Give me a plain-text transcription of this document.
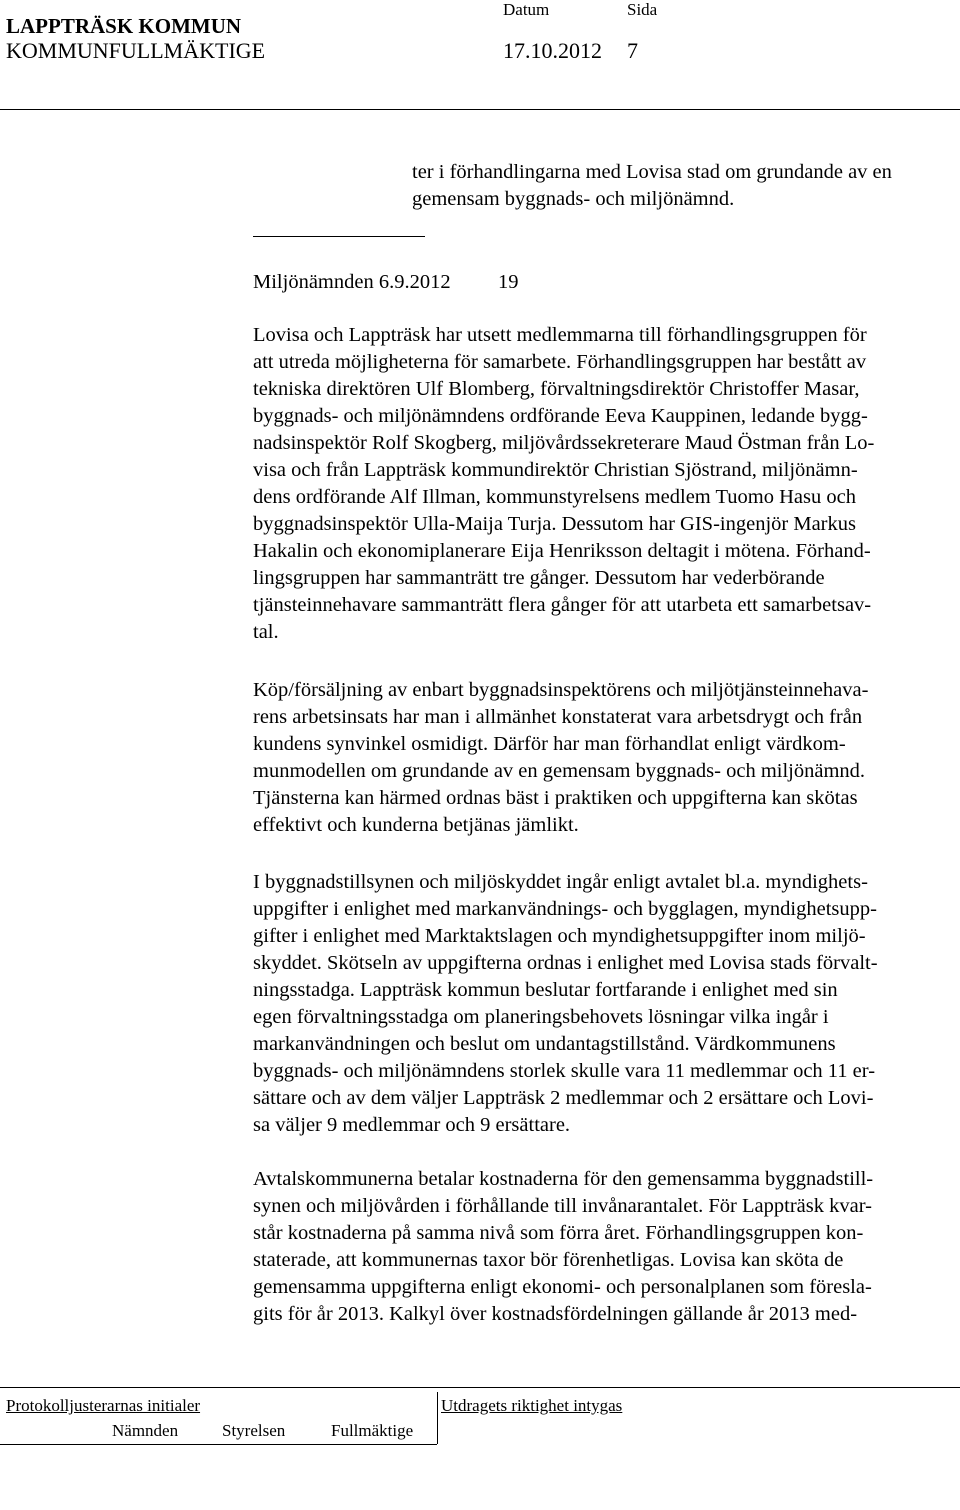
LAPPTRÄSK KOMMUN
KOMMUNFULLMÄKTIGE
Datum	Sida
17.10.2012 7
ter i förhandlingarna med Lovisa stad om grundande av en
gemensam byggnads- och miljönämnd.
Miljönämnden 6.9.2012 19
Lovisa och Lappträsk har utsett medlemmarna till förhandlingsgruppen för
att utreda möjligheterna för samarbete. Förhandlingsgruppen har bestått av
tekniska direktören Ulf Blomberg, förvaltningsdirektör Christoffer Masar,
byggnads- och miljönämndens ordförande Eeva Kauppinen, ledande bygg-
nadsinspektör Rolf Skogberg, miljövårdssekreterare Maud Östman från Lo-
visa och från Lappträsk kommundirektör Christian Sjöstrand, miljönämn-
dens ordförande Alf Illman, kommunstyrelsens medlem Tuomo Hasu och
byggnadsinspektör Ulla-Maija Turja. Dessutom har GIS-ingenjör Markus
Hakalin och ekonomiplanerare Eija Henriksson deltagit i mötena. Förhand-
lingsgruppen har sammanträtt tre gånger. Dessutom har vederbörande
tjänsteinnehavare sammanträtt flera gånger för att utarbeta ett samarbetsav-
tal.
Köp/försäljning av enbart byggnadsinspektörens och miljötjänsteinnehava-
rens arbetsinsats har man i allmänhet konstaterat vara arbetsdrygt och från
kundens synvinkel osmidigt. Därför har man förhandlat enligt värdkom-
munmodellen om grundande av en gemensam byggnads- och miljönämnd.
Tjänsterna kan härmed ordnas bäst i praktiken och uppgifterna kan skötas
effektivt och kunderna betjänas jämlikt.
I byggnadstillsynen och miljöskyddet ingår enligt avtalet bl.a. myndighets-
uppgifter i enlighet med markanvändnings- och bygglagen, myndighetsupp-
gifter i enlighet med Marktaktslagen och myndighetsuppgifter inom miljö-
skyddet. Skötseln av uppgifterna ordnas i enlighet med Lovisa stads förvalt-
ningsstadga. Lappträsk kommun beslutar fortfarande i enlighet med sin
egen förvaltningsstadga om planeringsbehovets lösningar vilka ingår i
markanvändningen och beslut om undantagstillstånd. Värdkommunens
byggnads- och miljönämndens storlek skulle vara 11 medlemmar och 11 er-
sättare och av dem väljer Lappträsk 2 medlemmar och 2 ersättare och Lovi-
sa väljer 9 medlemmar och 9 ersättare.
Avtalskommunerna betalar kostnaderna för den gemensamma byggnadstill-
synen och miljövården i förhållande till invånarantalet. För Lappträsk kvar-
står kostnaderna på samma nivå som förra året. Förhandlingsgruppen kon-
staterade, att kommunernas taxor bör förenhetligas. Lovisa kan sköta de
gemensamma uppgifterna enligt ekonomi- och personalplanen som föresla-
gits för år 2013. Kalkyl över kostnadsfördelningen gällande år 2013 med-
Protokolljusterarnas initialer	Utdragets riktighet intygas
Nämnden	Styrelsen	Fullmäktige
